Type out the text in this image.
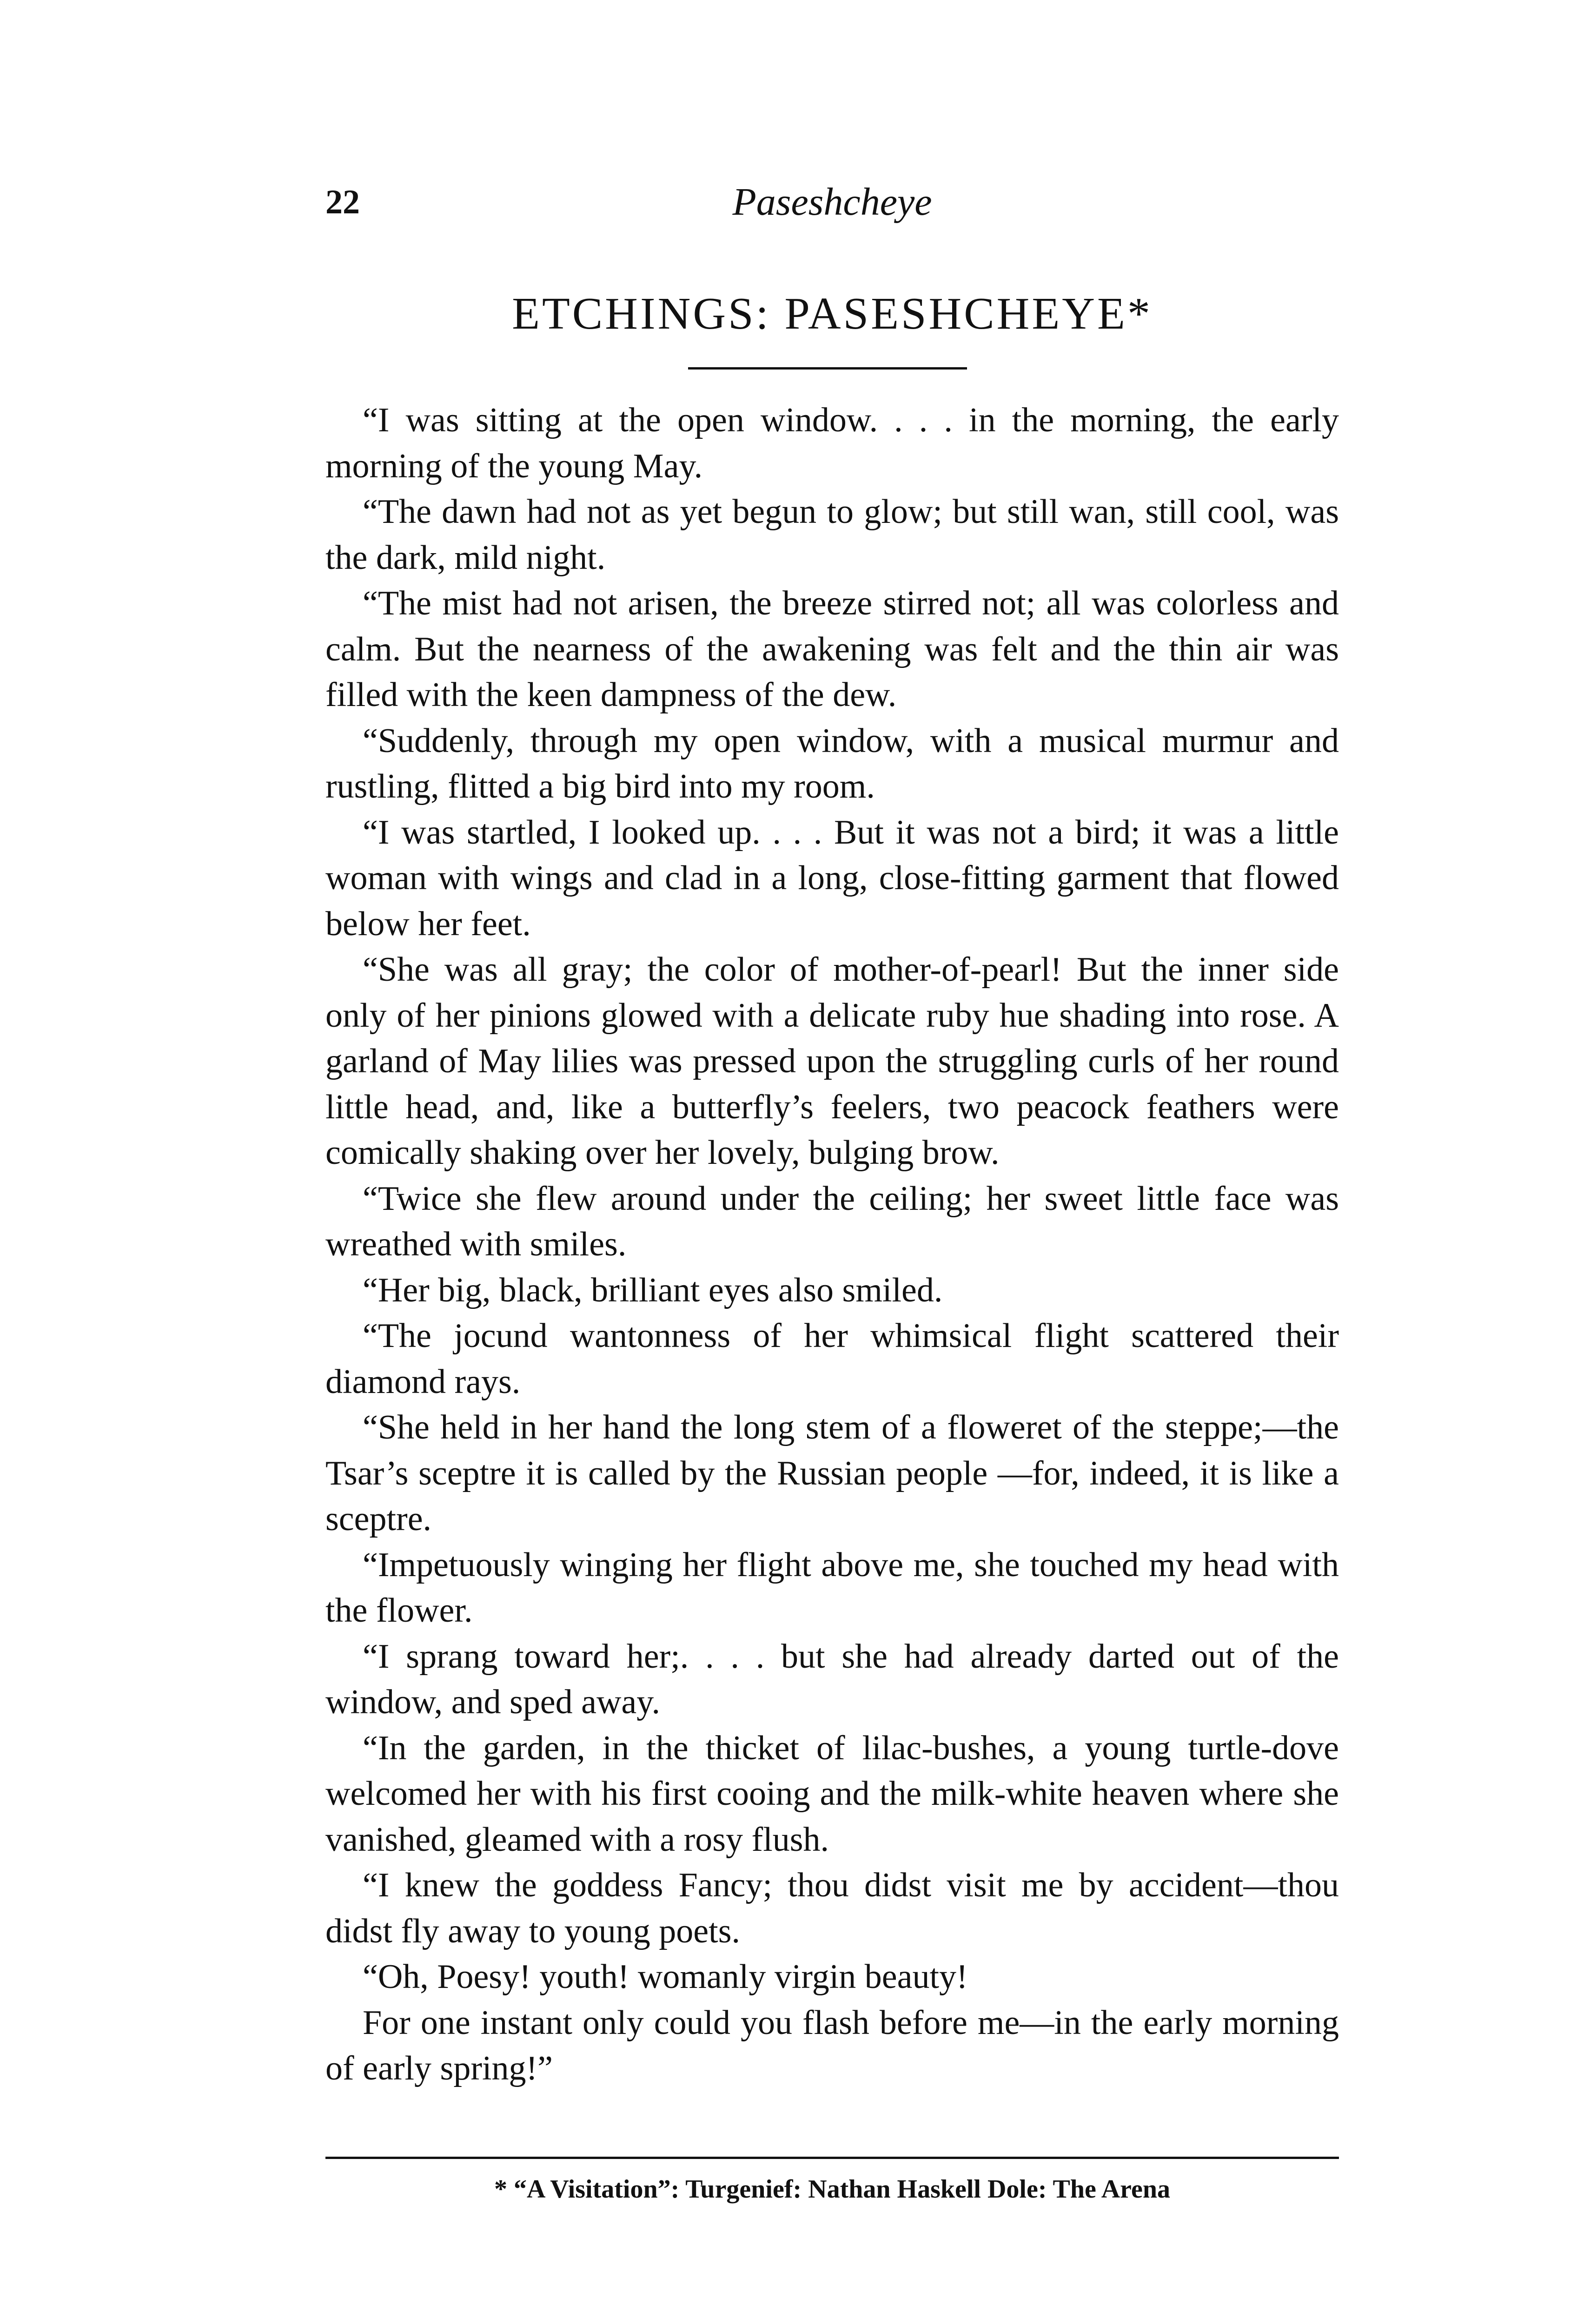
22	Paseshcheye
ETCHINGS: PASESHCHEYE*

“I was sitting at the open window. . . . in the morning, the early morning of the young May.

“The dawn had not as yet begun to glow; but still wan, still cool, was the dark, mild night.

“The mist had not arisen, the breeze stirred not; all was colorless and calm. But the nearness of the awakening was felt and the thin air was filled with the keen dampness of the dew.

“Suddenly, through my open window, with a musical murmur and rustling, flitted a big bird into my room.

“I was startled, I looked up. . . . But it was not a bird; it was a little woman with wings and clad in a long, close-fitting garment that flowed below her feet.

“She was all gray; the color of mother-of-pearl! But the inner side only of her pinions glowed with a delicate ruby hue shading into rose. A garland of May lilies was pressed upon the struggling curls of her round little head, and, like a butterfly’s feelers, two peacock feathers were comically shaking over her lovely, bulging brow.

“Twice she flew around under the ceiling; her sweet little face was wreathed with smiles.

“Her big, black, brilliant eyes also smiled.

“The jocund wantonness of her whimsical flight scattered their diamond rays.

“She held in her hand the long stem of a floweret of the steppe;—the Tsar’s sceptre it is called by the Russian people —for, indeed, it is like a sceptre.

“Impetuously winging her flight above me, she touched my head with the flower.

“I sprang toward her;. . . . but she had already darted out of the window, and sped away.

“In the garden, in the thicket of lilac-bushes, a young turtle-dove welcomed her with his first cooing and the milk-white heaven where she vanished, gleamed with a rosy flush.

“I knew the goddess Fancy; thou didst visit me by accident—thou didst fly away to young poets.

“Oh, Poesy! youth! womanly virgin beauty!

For one instant only could you flash before me—in the early morning of early spring!”

* “A Visitation”: Turgenief: Nathan Haskell Dole: The Arena
